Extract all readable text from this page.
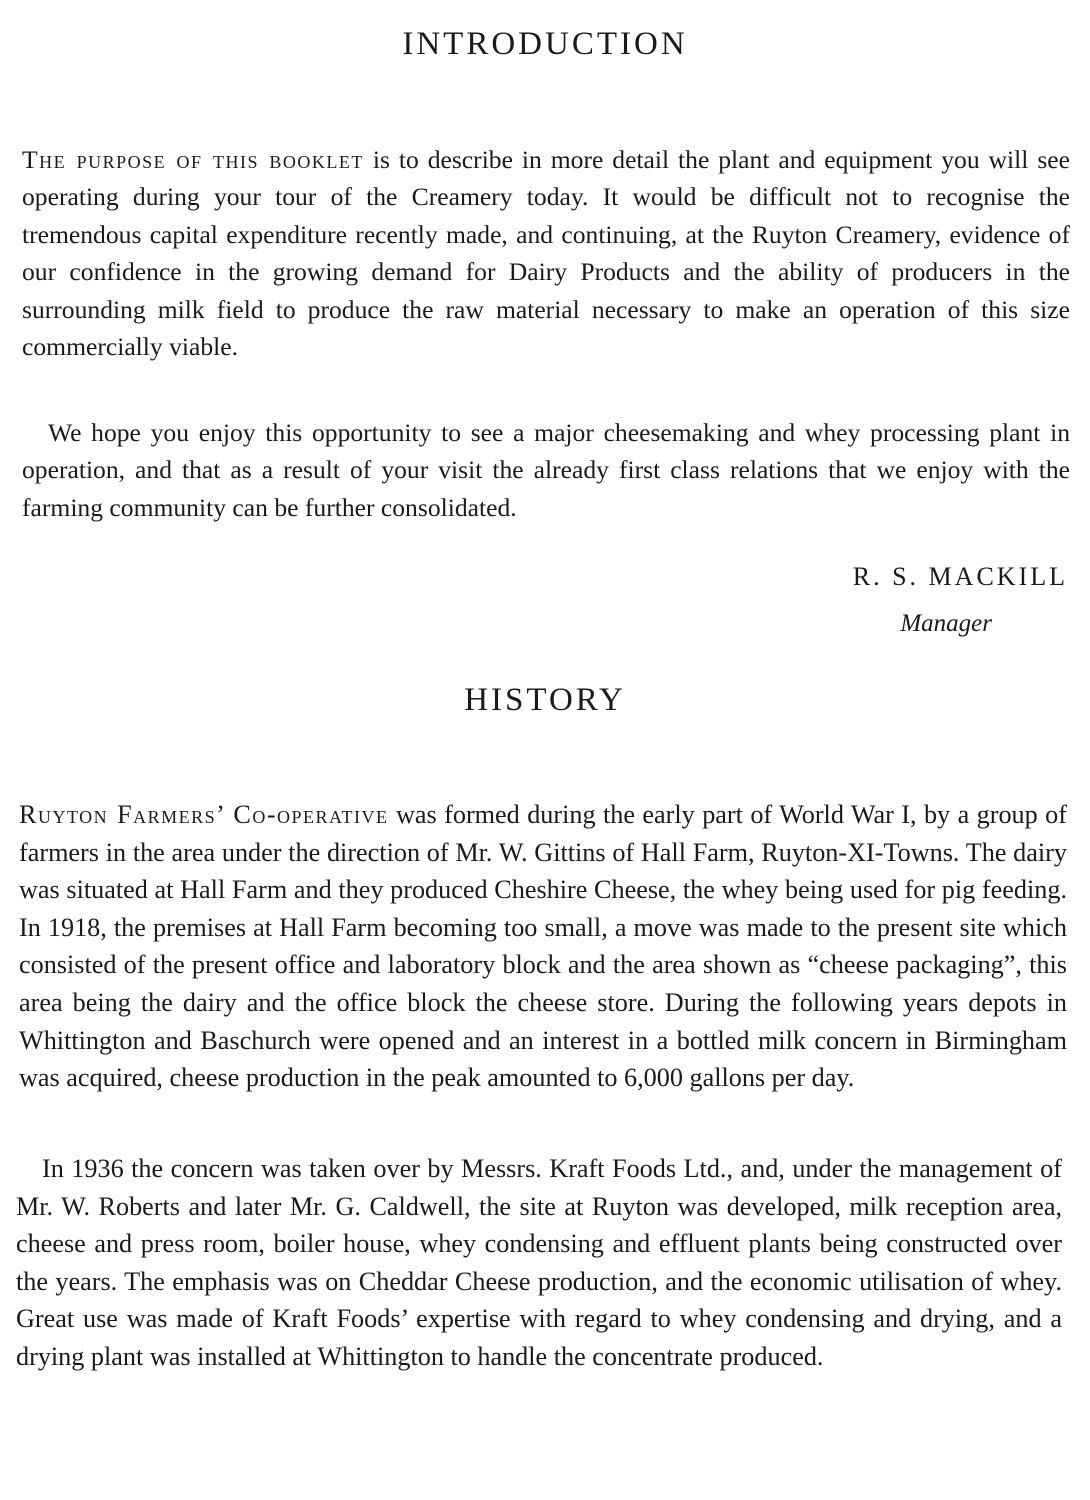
INTRODUCTION

The purpose of this booklet is to describe in more detail the plant and equipment you will see operating during your tour of the Creamery today. It would be difficult not to recognise the tremendous capital expenditure recently made, and continuing, at the Ruyton Creamery, evidence of our confidence in the growing demand for Dairy Products and the ability of producers in the surrounding milk field to produce the raw material necessary to make an operation of this size commercially viable.

We hope you enjoy this opportunity to see a major cheesemaking and whey processing plant in operation, and that as a result of your visit the already first class relations that we enjoy with the farming community can be further consolidated.

R. S. MACKILL
Manager
HISTORY

Ruyton Farmers’ Co-operative was formed during the early part of World War I, by a group of farmers in the area under the direction of Mr. W. Gittins of Hall Farm, Ruyton-XI-Towns. The dairy was situated at Hall Farm and they produced Cheshire Cheese, the whey being used for pig feeding. In 1918, the premises at Hall Farm becoming too small, a move was made to the present site which consisted of the present office and laboratory block and the area shown as “cheese packaging”, this area being the dairy and the office block the cheese store. During the following years depots in Whittington and Baschurch were opened and an interest in a bottled milk concern in Birmingham was acquired, cheese production in the peak amounted to 6,000 gallons per day.

In 1936 the concern was taken over by Messrs. Kraft Foods Ltd., and, under the management of Mr. W. Roberts and later Mr. G. Caldwell, the site at Ruyton was developed, milk reception area, cheese and press room, boiler house, whey condensing and effluent plants being constructed over the years. The emphasis was on Cheddar Cheese production, and the economic utilisation of whey. Great use was made of Kraft Foods’ expertise with regard to whey condensing and drying, and a drying plant was installed at Whittington to handle the concentrate produced.
